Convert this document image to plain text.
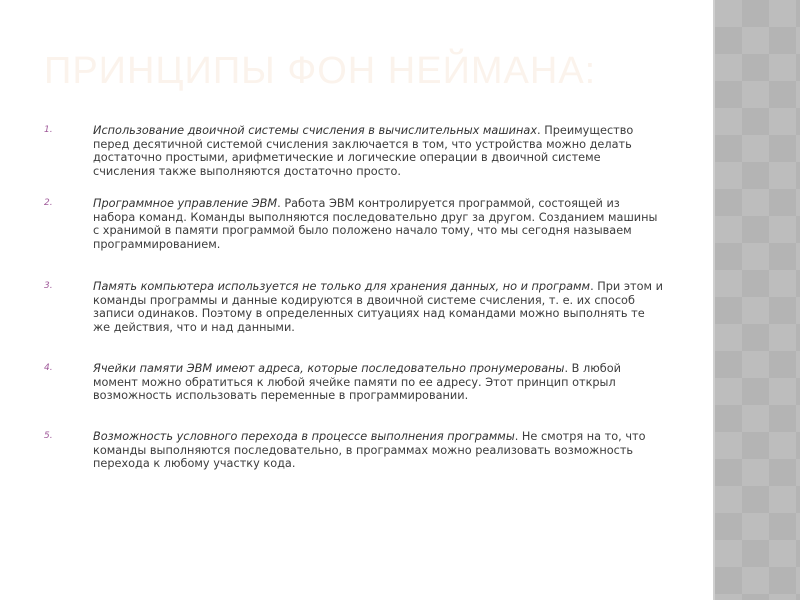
ПРИНЦИПЫ ФОН НЕЙМАНА:
1.	Использование двоичной системы счисления в вычислительных машинах. Преимущество перед десятичной системой счисления заключается в том, что устройства можно делать достаточно простыми, арифметические и логические операции в двоичной системе счисления также выполняются достаточно просто.
2.	Программное управление ЭВМ. Работа ЭВМ контролируется программой, состоящей из набора команд. Команды выполняются последовательно друг за другом. Созданием машины с хранимой в памяти программой было положено начало тому, что мы сегодня называем программированием.
3.	Память компьютера используется не только для хранения данных, но и программ. При этом и команды программы и данные кодируются в двоичной системе счисления, т. е. их способ записи одинаков. Поэтому в определенных ситуациях над командами можно выполнять те же действия, что и над данными.
4.	Ячейки памяти ЭВМ имеют адреса, которые последовательно пронумерованы. В любой момент можно обратиться к любой ячейке памяти по ее адресу. Этот принцип открыл возможность использовать переменные в программировании.
5.	Возможность условного перехода в процессе выполнения программы. Не смотря на то, что команды выполняются последовательно, в программах можно реализовать возможность перехода к любому участку кода.
